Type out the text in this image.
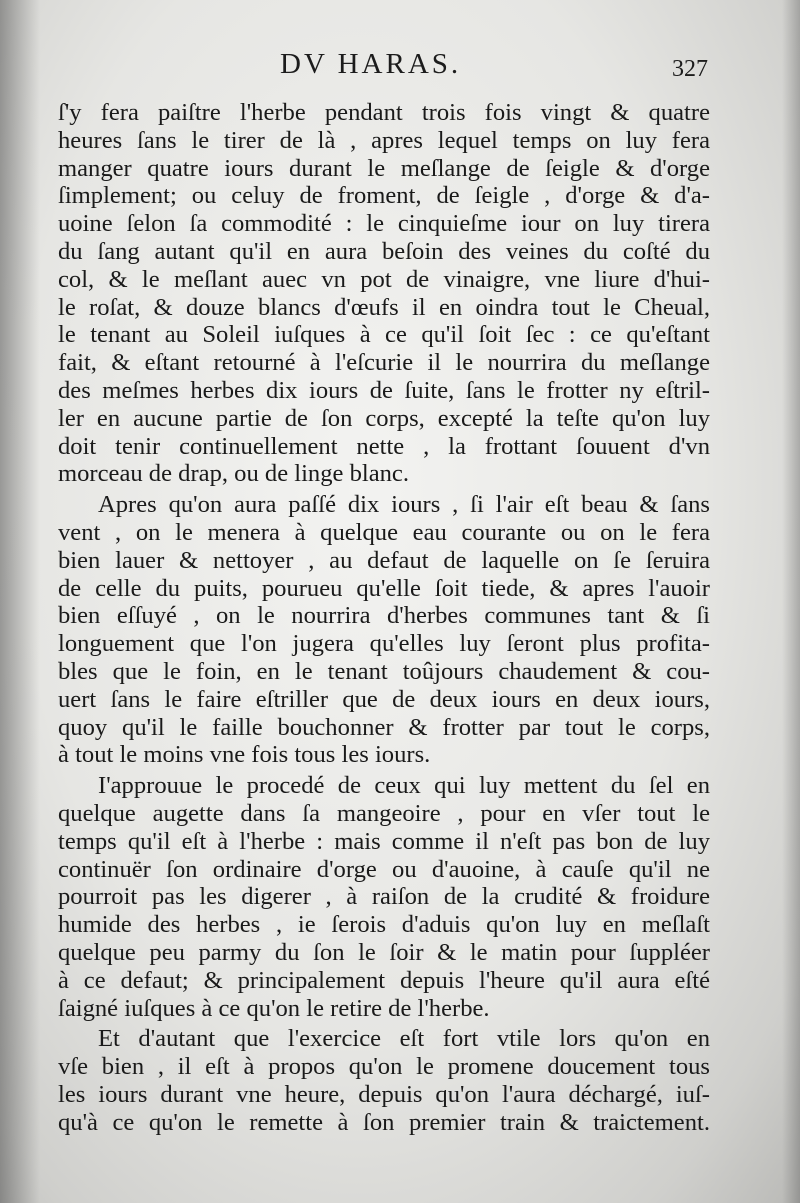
DV HARAS.	327
ſ'y fera paiſtre l'herbe pendant trois fois vingt & quatre
heures ſans le tirer de là , apres lequel temps on luy fera
manger quatre iours durant le meſlange de ſeigle & d'orge
ſimplement; ou celuy de froment, de ſeigle , d'orge & d'a-
uoine ſelon ſa commodité : le cinquieſme iour on luy tirera
du ſang autant qu'il en aura beſoin des veines du coſté du
col, & le meſlant auec vn pot de vinaigre, vne liure d'hui-
le roſat, & douze blancs d'œufs il en oindra tout le Cheual,
le tenant au Soleil iuſques à ce qu'il ſoit ſec : ce qu'eſtant
fait, & eſtant retourné à l'eſcurie il le nourrira du meſlange
des meſmes herbes dix iours de ſuite, ſans le frotter ny eſtril-
ler en aucune partie de ſon corps, excepté la teſte qu'on luy
doit tenir continuellement nette , la frottant ſouuent d'vn
morceau de drap, ou de linge blanc.
Apres qu'on aura paſſé dix iours , ſi l'air eſt beau & ſans
vent , on le menera à quelque eau courante ou on le fera
bien lauer & nettoyer , au defaut de laquelle on ſe ſeruira
de celle du puits, pourueu qu'elle ſoit tiede, & apres l'auoir
bien eſſuyé , on le nourrira d'herbes communes tant & ſi
longuement que l'on jugera qu'elles luy ſeront plus profita-
bles que le foin, en le tenant toûjours chaudement & cou-
uert ſans le faire eſtriller que de deux iours en deux iours,
quoy qu'il le faille bouchonner & frotter par tout le corps,
à tout le moins vne fois tous les iours.
I'approuue le procedé de ceux qui luy mettent du ſel en
quelque augette dans ſa mangeoire , pour en vſer tout le
temps qu'il eſt à l'herbe : mais comme il n'eſt pas bon de luy
continuër ſon ordinaire d'orge ou d'auoine, à cauſe qu'il ne
pourroit pas les digerer , à raiſon de la crudité & froidure
humide des herbes , ie ſerois d'aduis qu'on luy en meſlaſt
quelque peu parmy du ſon le ſoir & le matin pour ſuppléer
à ce defaut; & principalement depuis l'heure qu'il aura eſté
ſaigné iuſques à ce qu'on le retire de l'herbe.
Et d'autant que l'exercice eſt fort vtile lors qu'on en
vſe bien , il eſt à propos qu'on le promene doucement tous
les iours durant vne heure, depuis qu'on l'aura déchargé, iuſ-
qu'à ce qu'on le remette à ſon premier train & traictement.
